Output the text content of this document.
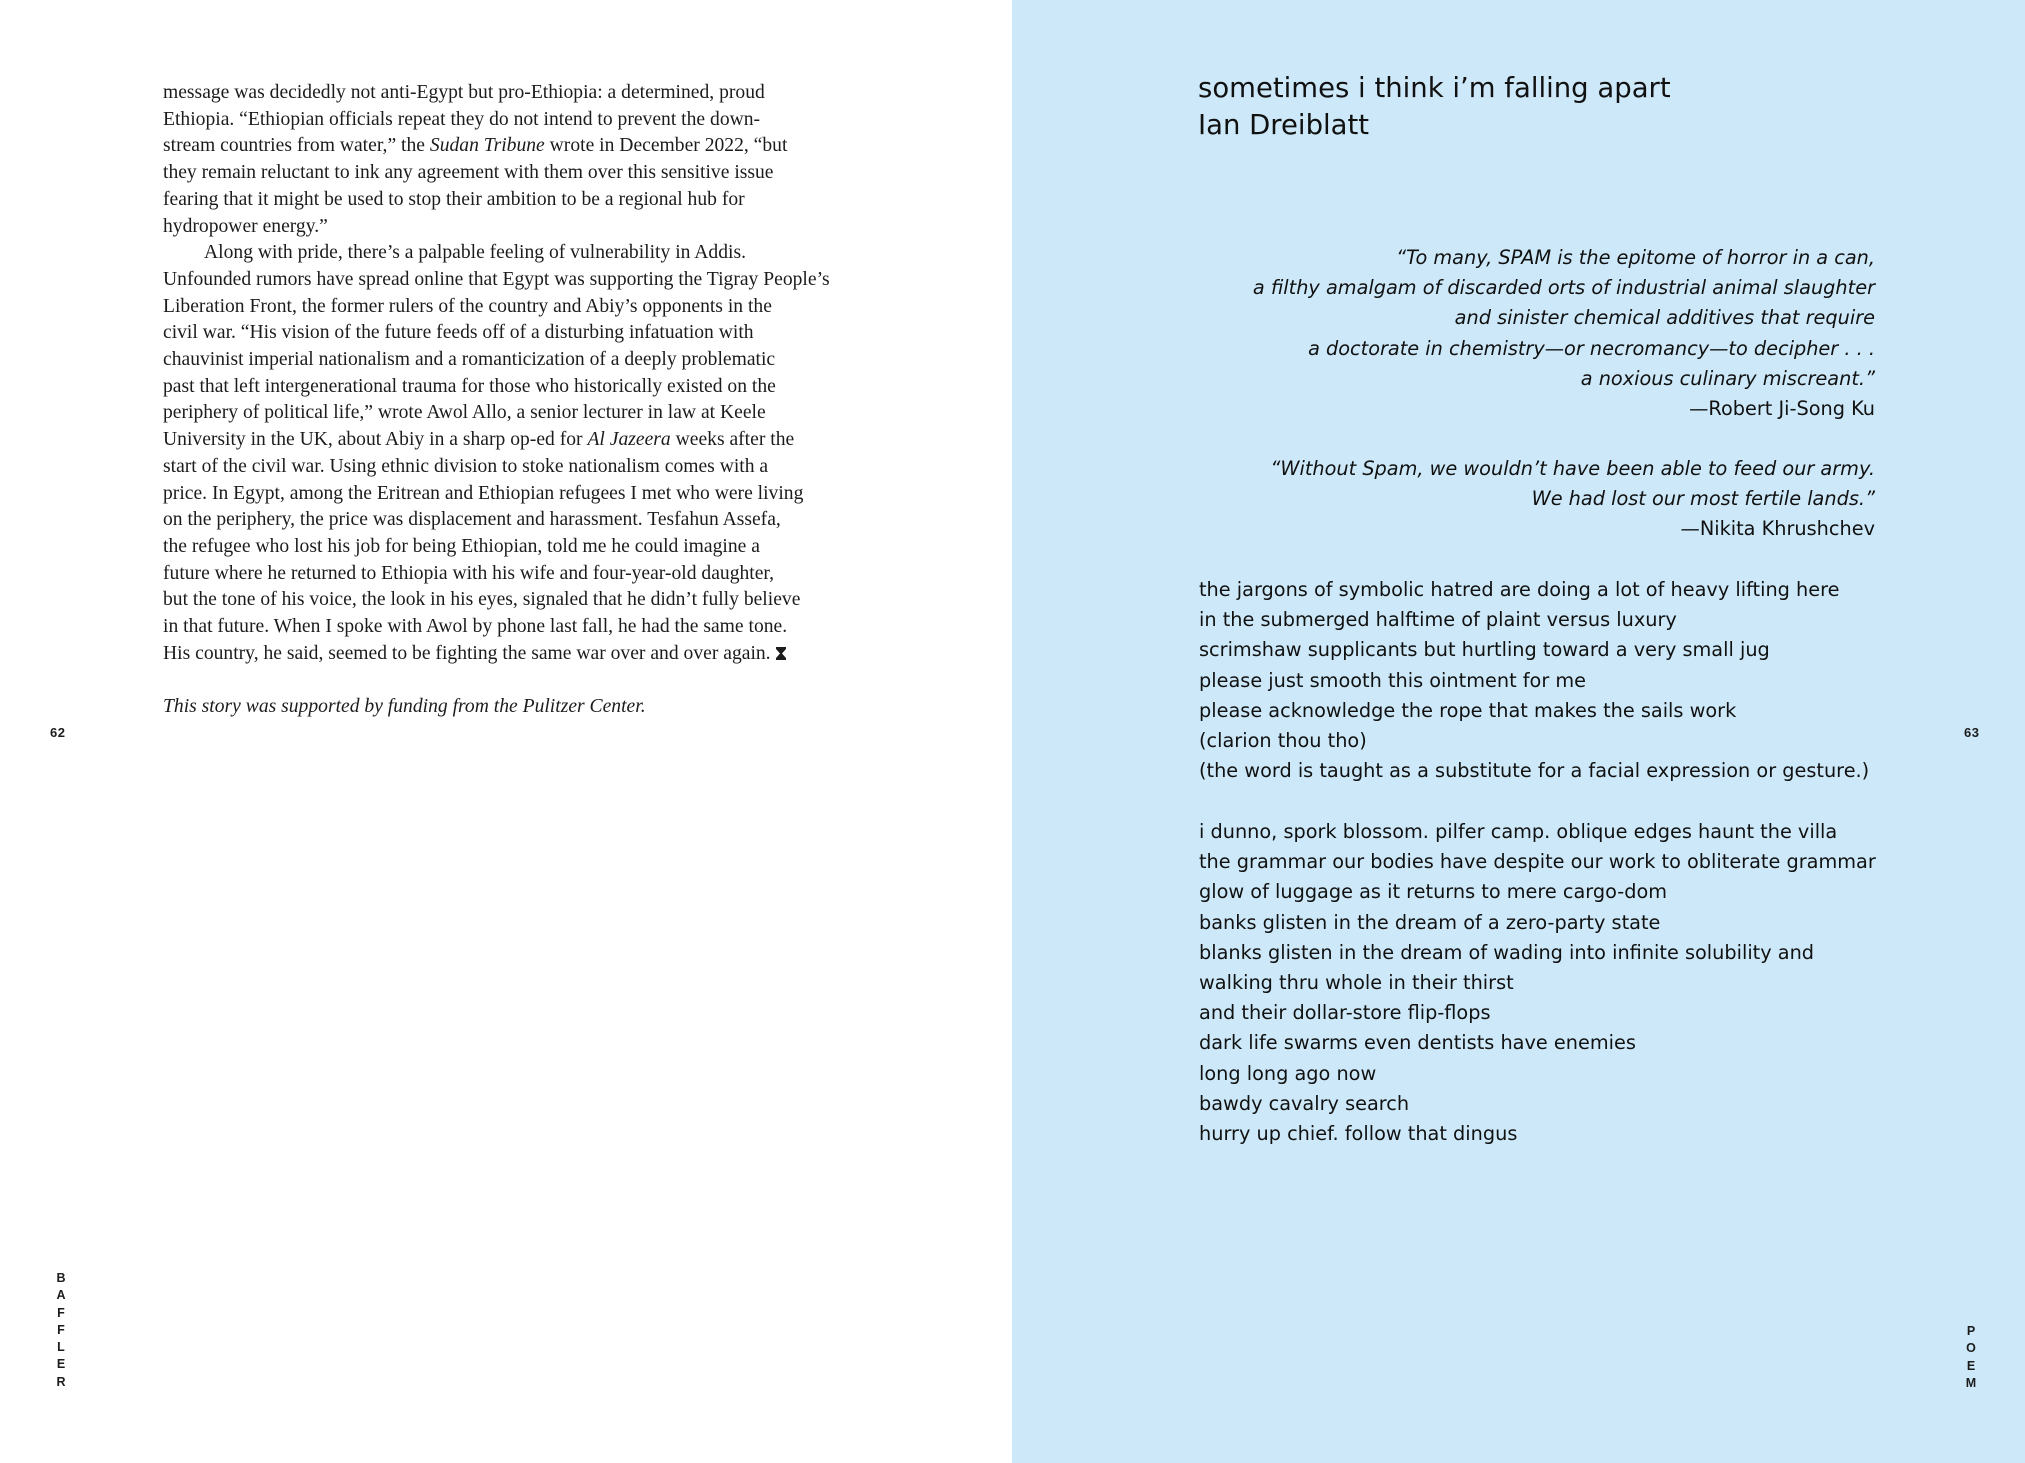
message was decidedly not anti-Egypt but pro-Ethiopia: a determined, proud
Ethiopia. “Ethiopian officials repeat they do not intend to prevent the down-
stream countries from water,” the Sudan Tribune wrote in December 2022, “but
they remain reluctant to ink any agreement with them over this sensitive issue
fearing that it might be used to stop their ambition to be a regional hub for
hydropower energy.”
Along with pride, there’s a palpable feeling of vulnerability in Addis.
Unfounded rumors have spread online that Egypt was supporting the Tigray People’s
Liberation Front, the former rulers of the country and Abiy’s opponents in the
civil war. “His vision of the future feeds off of a disturbing infatuation with
chauvinist imperial nationalism and a romanticization of a deeply problematic
past that left intergenerational trauma for those who historically existed on the
periphery of political life,” wrote Awol Allo, a senior lecturer in law at Keele
University in the UK, about Abiy in a sharp op-ed for Al Jazeera weeks after the
start of the civil war. Using ethnic division to stoke nationalism comes with a
price. In Egypt, among the Eritrean and Ethiopian refugees I met who were living
on the periphery, the price was displacement and harassment. Tesfahun Assefa,
the refugee who lost his job for being Ethiopian, told me he could imagine a
future where he returned to Ethiopia with his wife and four-year-old daughter,
but the tone of his voice, the look in his eyes, signaled that he didn’t fully believe
in that future. When I spoke with Awol by phone last fall, he had the same tone.
His country, he said, seemed to be fighting the same war over and over again.
This story was supported by funding from the Pulitzer Center.
62
B
A
F
F
L
E
R
sometimes i think i’m falling apart
Ian Dreiblatt
“To many, SPAM is the epitome of horror in a can,
a filthy amalgam of discarded orts of industrial animal slaughter
and sinister chemical additives that require
a doctorate in chemistry—or necromancy—to decipher . . .
a noxious culinary miscreant.”
—Robert Ji-Song Ku
“Without Spam, we wouldn’t have been able to feed our army.
We had lost our most fertile lands.”
—Nikita Khrushchev
the jargons of symbolic hatred are doing a lot of heavy lifting here
in the submerged halftime of plaint versus luxury
scrimshaw supplicants but hurtling toward a very small jug
please just smooth this ointment for me
please acknowledge the rope that makes the sails work
(clarion thou tho)
(the word is taught as a substitute for a facial expression or gesture.)
i dunno, spork blossom. pilfer camp. oblique edges haunt the villa
the grammar our bodies have despite our work to obliterate grammar
glow of luggage as it returns to mere cargo-dom
banks glisten in the dream of a zero-party state
blanks glisten in the dream of wading into infinite solubility and
walking thru whole in their thirst
and their dollar-store flip-flops
dark life swarms even dentists have enemies
long long ago now
bawdy cavalry search
hurry up chief. follow that dingus
63
P
O
E
M
